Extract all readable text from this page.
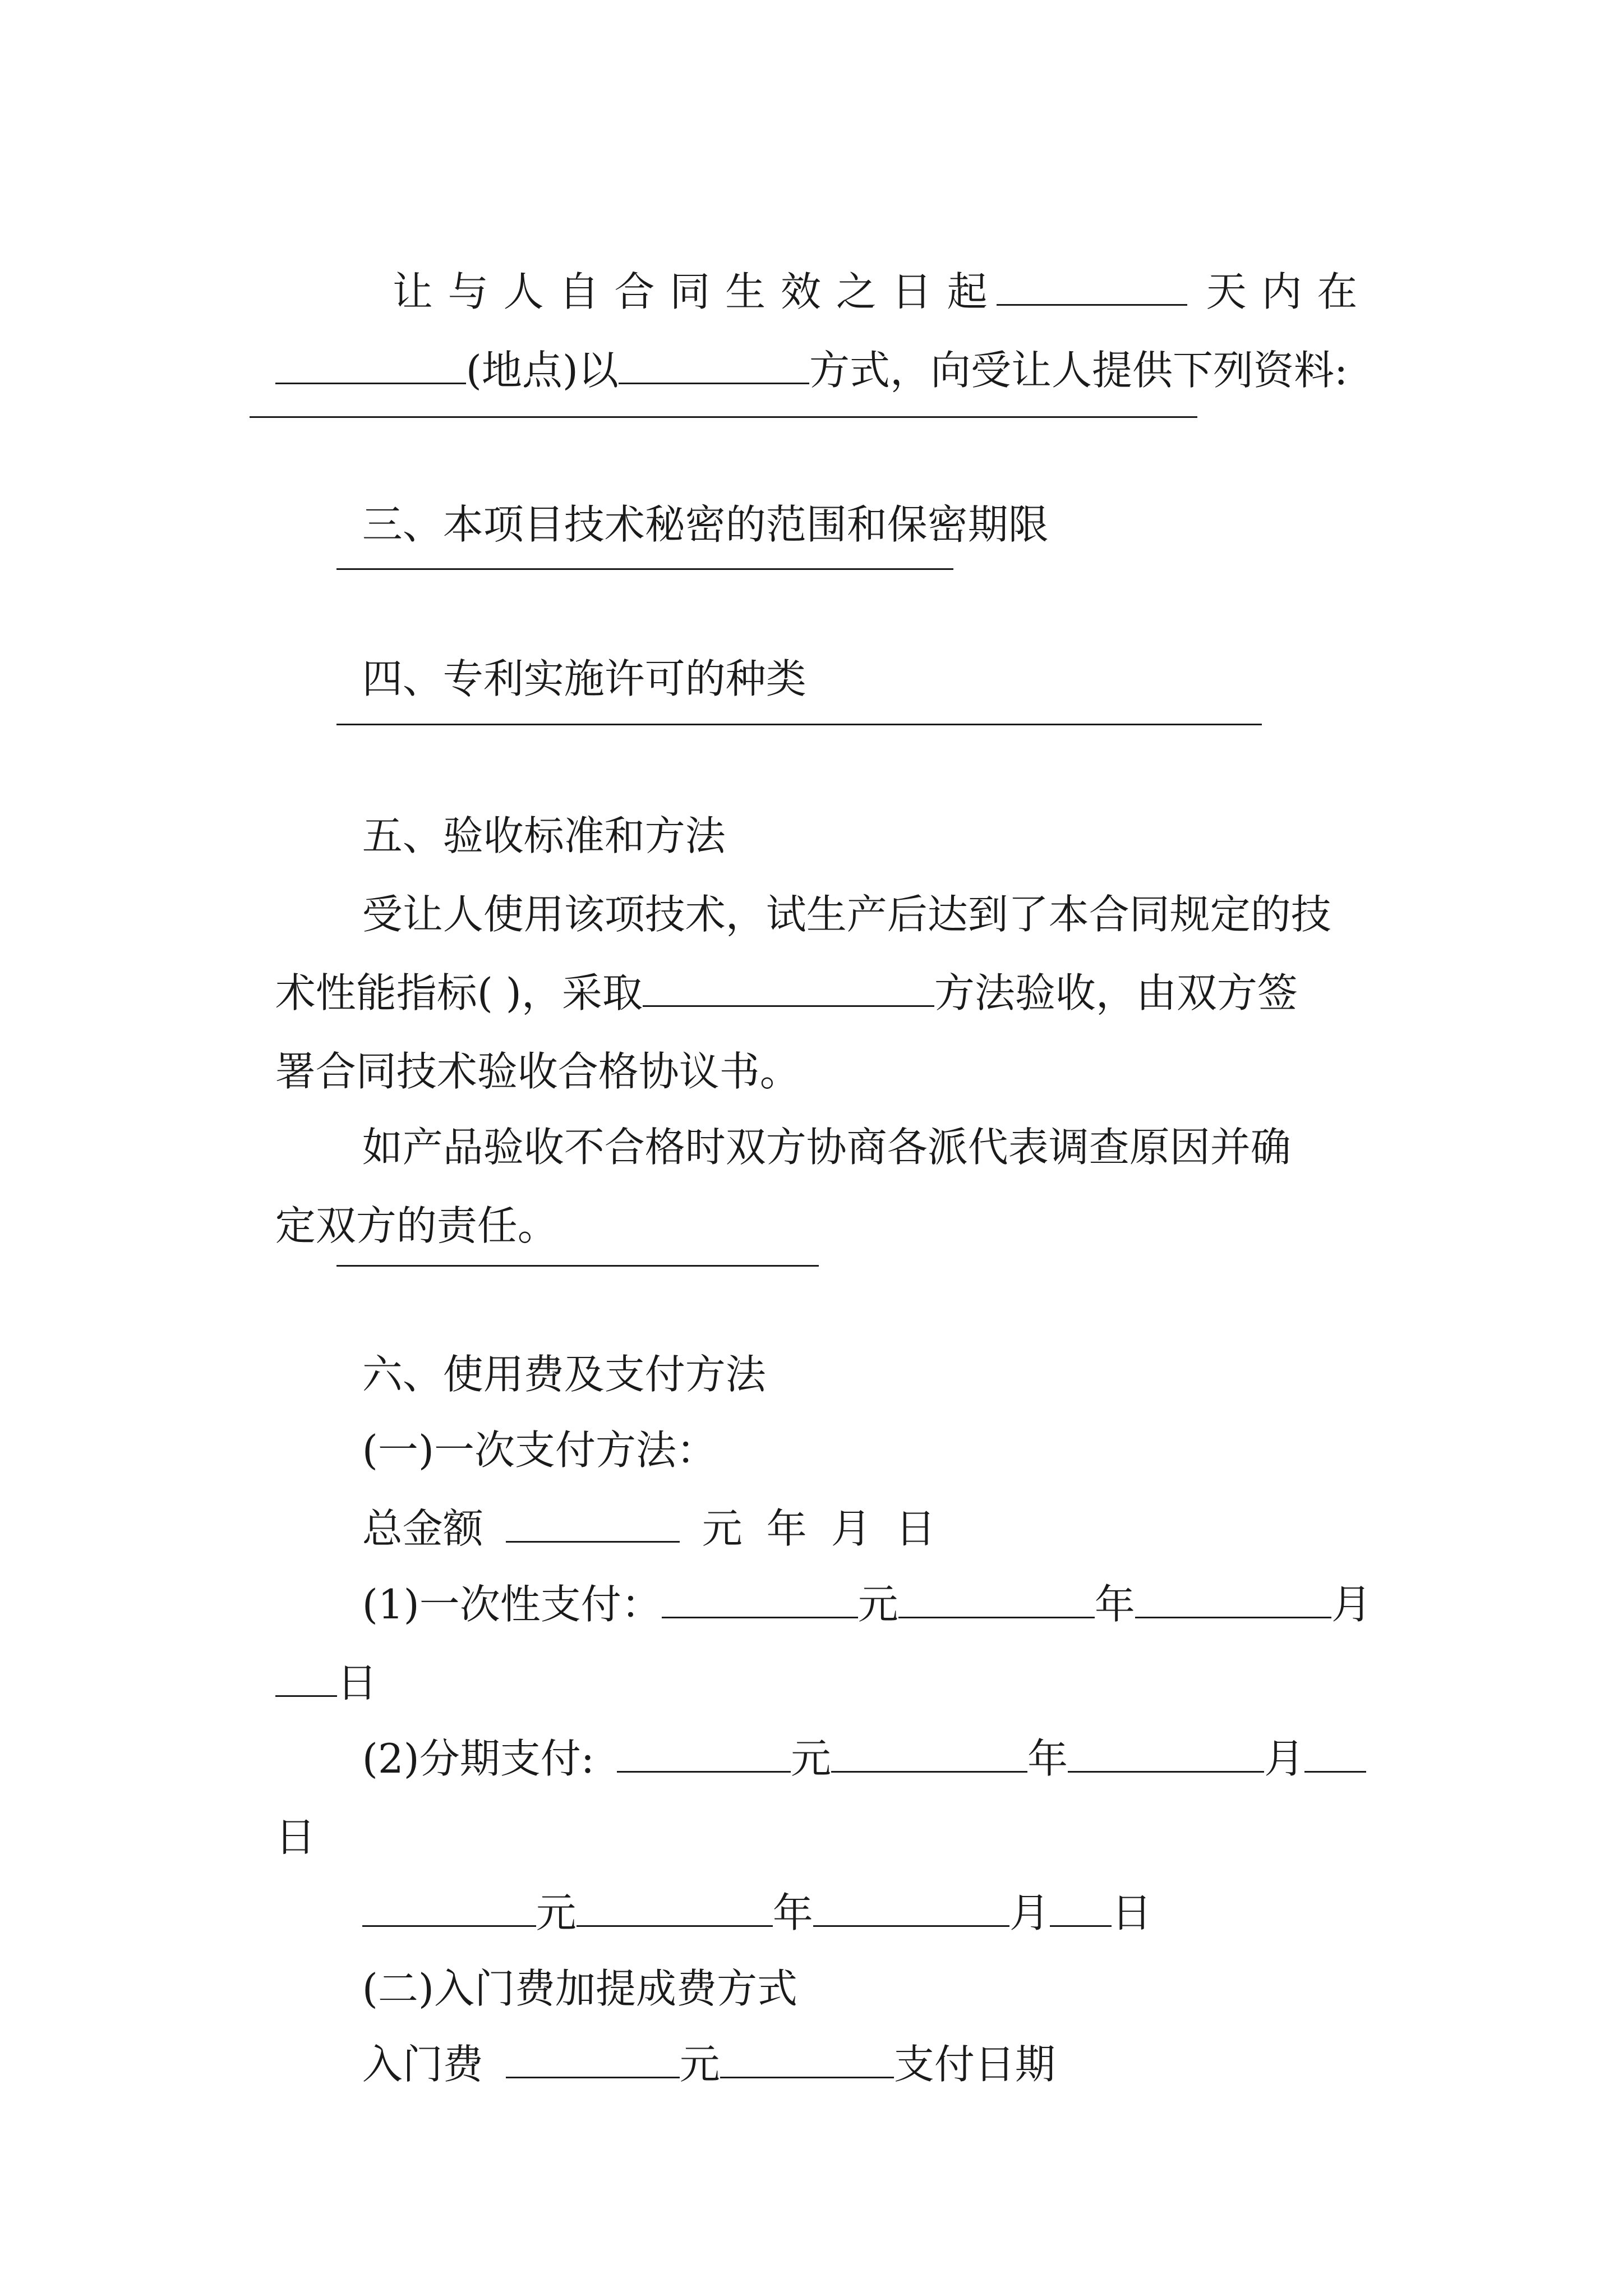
让 与 人 自 合 同 生 效 之 日 起	天 内 在

(地点)以	方式，向受让人提供下列资料:

三、本项目技术秘密的范围和保密期限

四、专利实施许可的种类

五、验收标准和方法

受让人使用该项技术，试生产后达到了本合同规定的技

术性能指标( )，采取	方法验收，由双方签

署合同技术验收合格协议书。

如产品验收不合格时双方协商各派代表调查原因并确

定双方的责任。

六、使用费及支付方法

(一)一次支付方法：

总金额	元 年 月 日

(1)一次性支付：	元	年	月

日

(2)分期支付:	元	年	月

日

元	年	月 日

(二)入门费加提成费方式

入门费	元	支付日期
